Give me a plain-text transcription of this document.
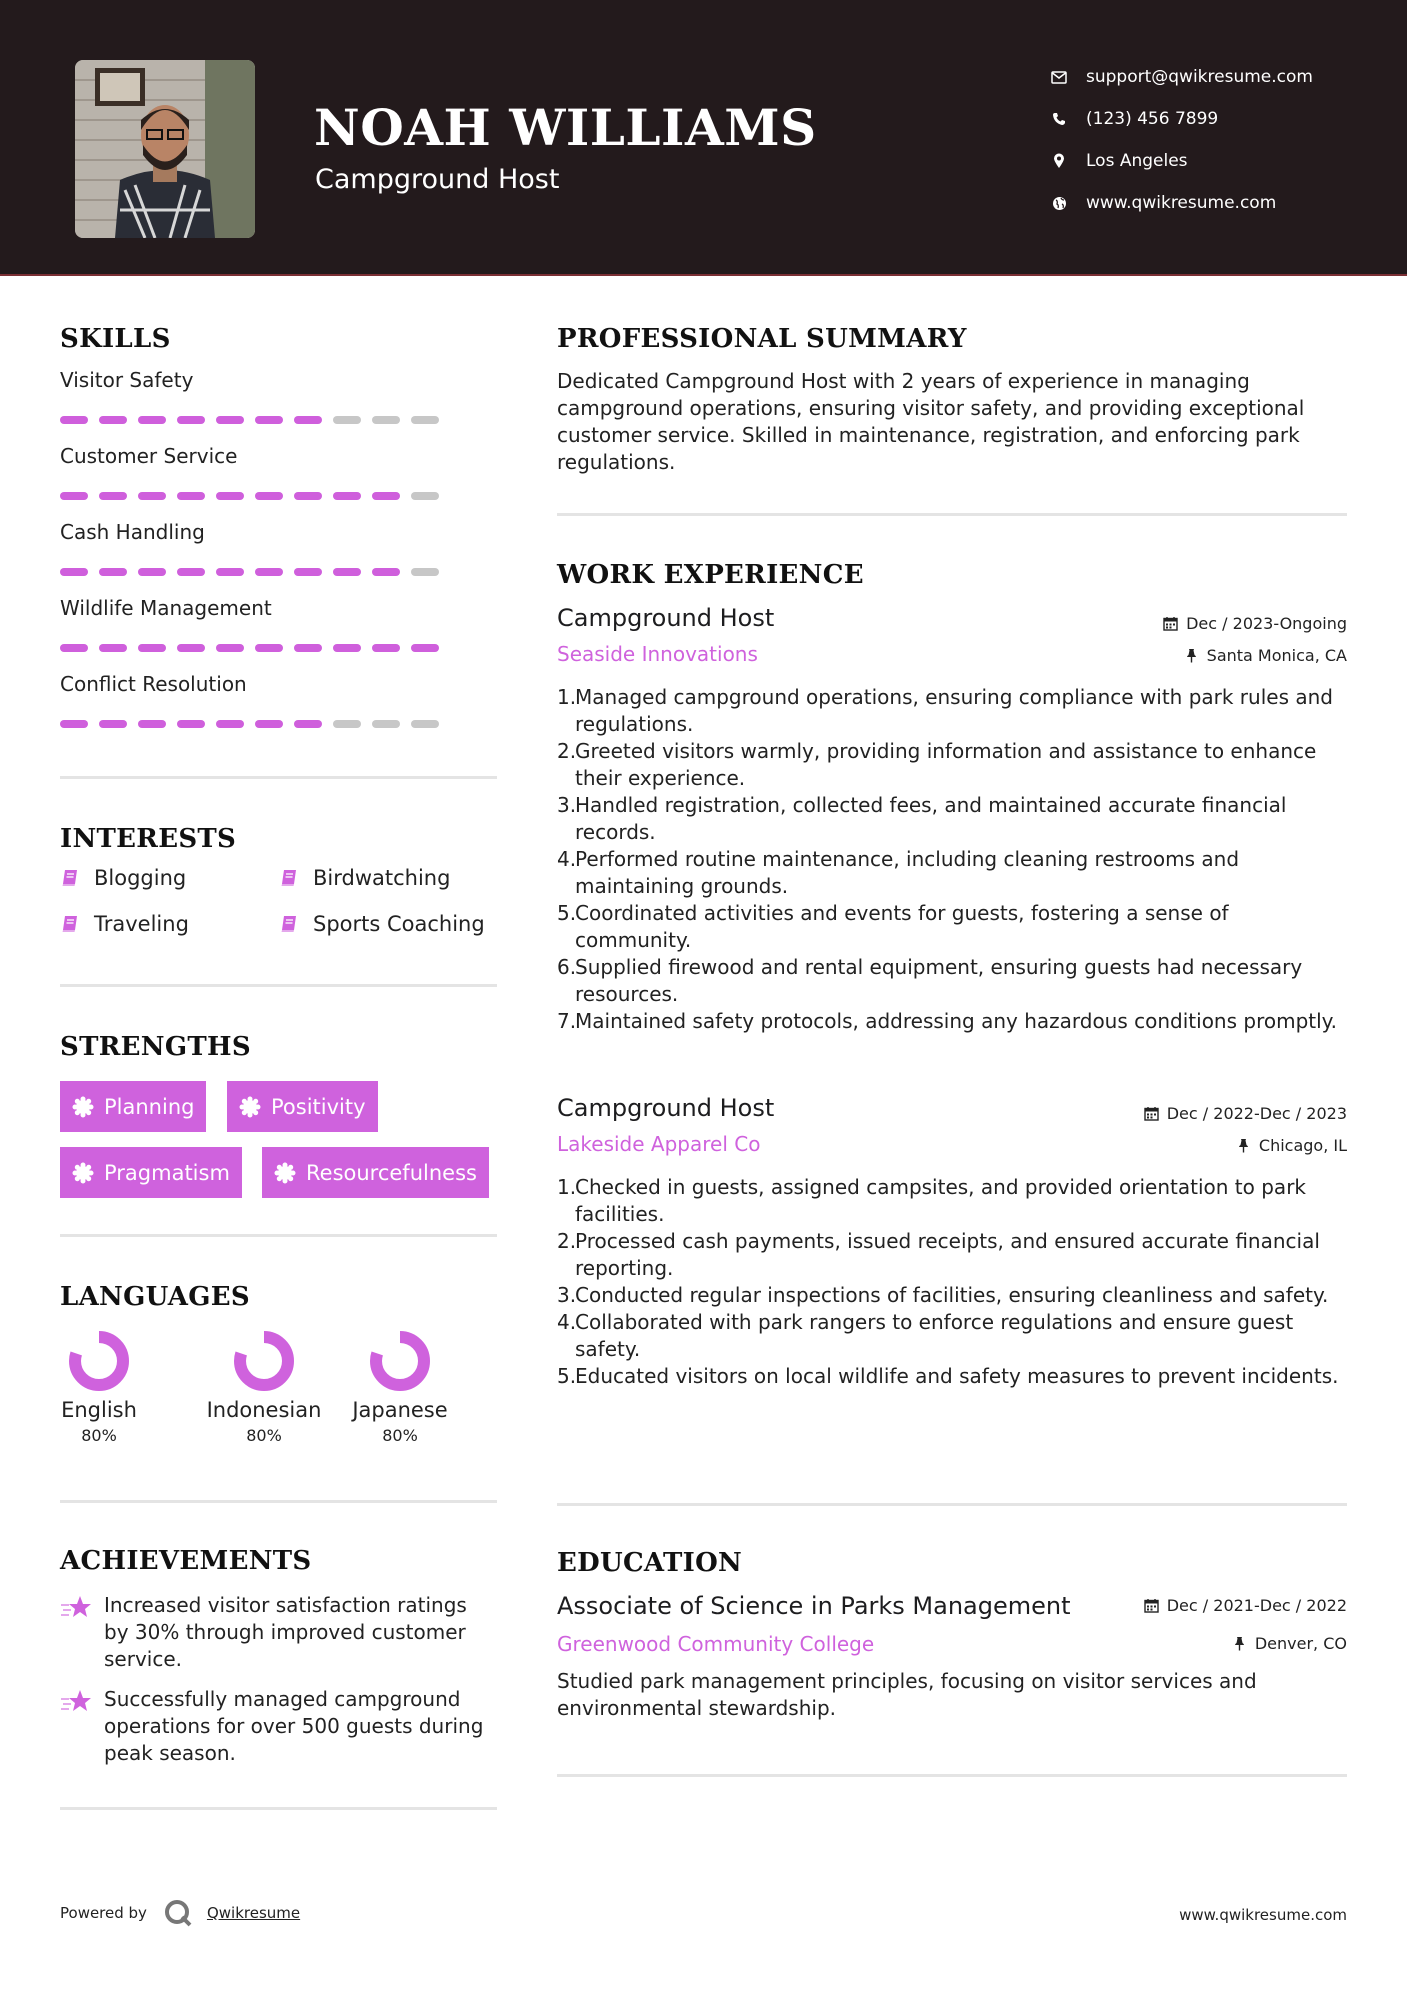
NOAH WILLIAMS
Campground Host
support@qwikresume.com
(123) 456 7899
Los Angeles
www.qwikresume.com
SKILLS
Visitor Safety
Customer Service
Cash Handling
Wildlife Management
Conflict Resolution
INTERESTS
Blogging	Birdwatching
Traveling	Sports Coaching
STRENGTHS
Planning	Positivity
Pragmatism	Resourcefulness
LANGUAGES
English
80%
Indonesian
80%
Japanese
80%
ACHIEVEMENTS
Increased visitor satisfaction ratings by 30% through improved customer service.
Successfully managed campground operations for over 500 guests during peak season.
PROFESSIONAL SUMMARY
Dedicated Campground Host with 2 years of experience in managing campground operations, ensuring visitor safety, and providing exceptional customer service. Skilled in maintenance, registration, and enforcing park regulations.
WORK EXPERIENCE
Campground Host	Dec / 2023-Ongoing
Seaside Innovations	Santa Monica, CA
1.Managed campground operations, ensuring compliance with park rules and regulations.
2.Greeted visitors warmly, providing information and assistance to enhance their experience.
3.Handled registration, collected fees, and maintained accurate financial records.
4.Performed routine maintenance, including cleaning restrooms and maintaining grounds.
5.Coordinated activities and events for guests, fostering a sense of community.
6.Supplied firewood and rental equipment, ensuring guests had necessary resources.
7.Maintained safety protocols, addressing any hazardous conditions promptly.
Campground Host	Dec / 2022-Dec / 2023
Lakeside Apparel Co	Chicago, IL
1.Checked in guests, assigned campsites, and provided orientation to park facilities.
2.Processed cash payments, issued receipts, and ensured accurate financial reporting.
3.Conducted regular inspections of facilities, ensuring cleanliness and safety.
4.Collaborated with park rangers to enforce regulations and ensure guest safety.
5.Educated visitors on local wildlife and safety measures to prevent incidents.
EDUCATION
Associate of Science in Parks Management	Dec / 2021-Dec / 2022
Greenwood Community College	Denver, CO
Studied park management principles, focusing on visitor services and environmental stewardship.
Powered by	Qwikresume	www.qwikresume.com
